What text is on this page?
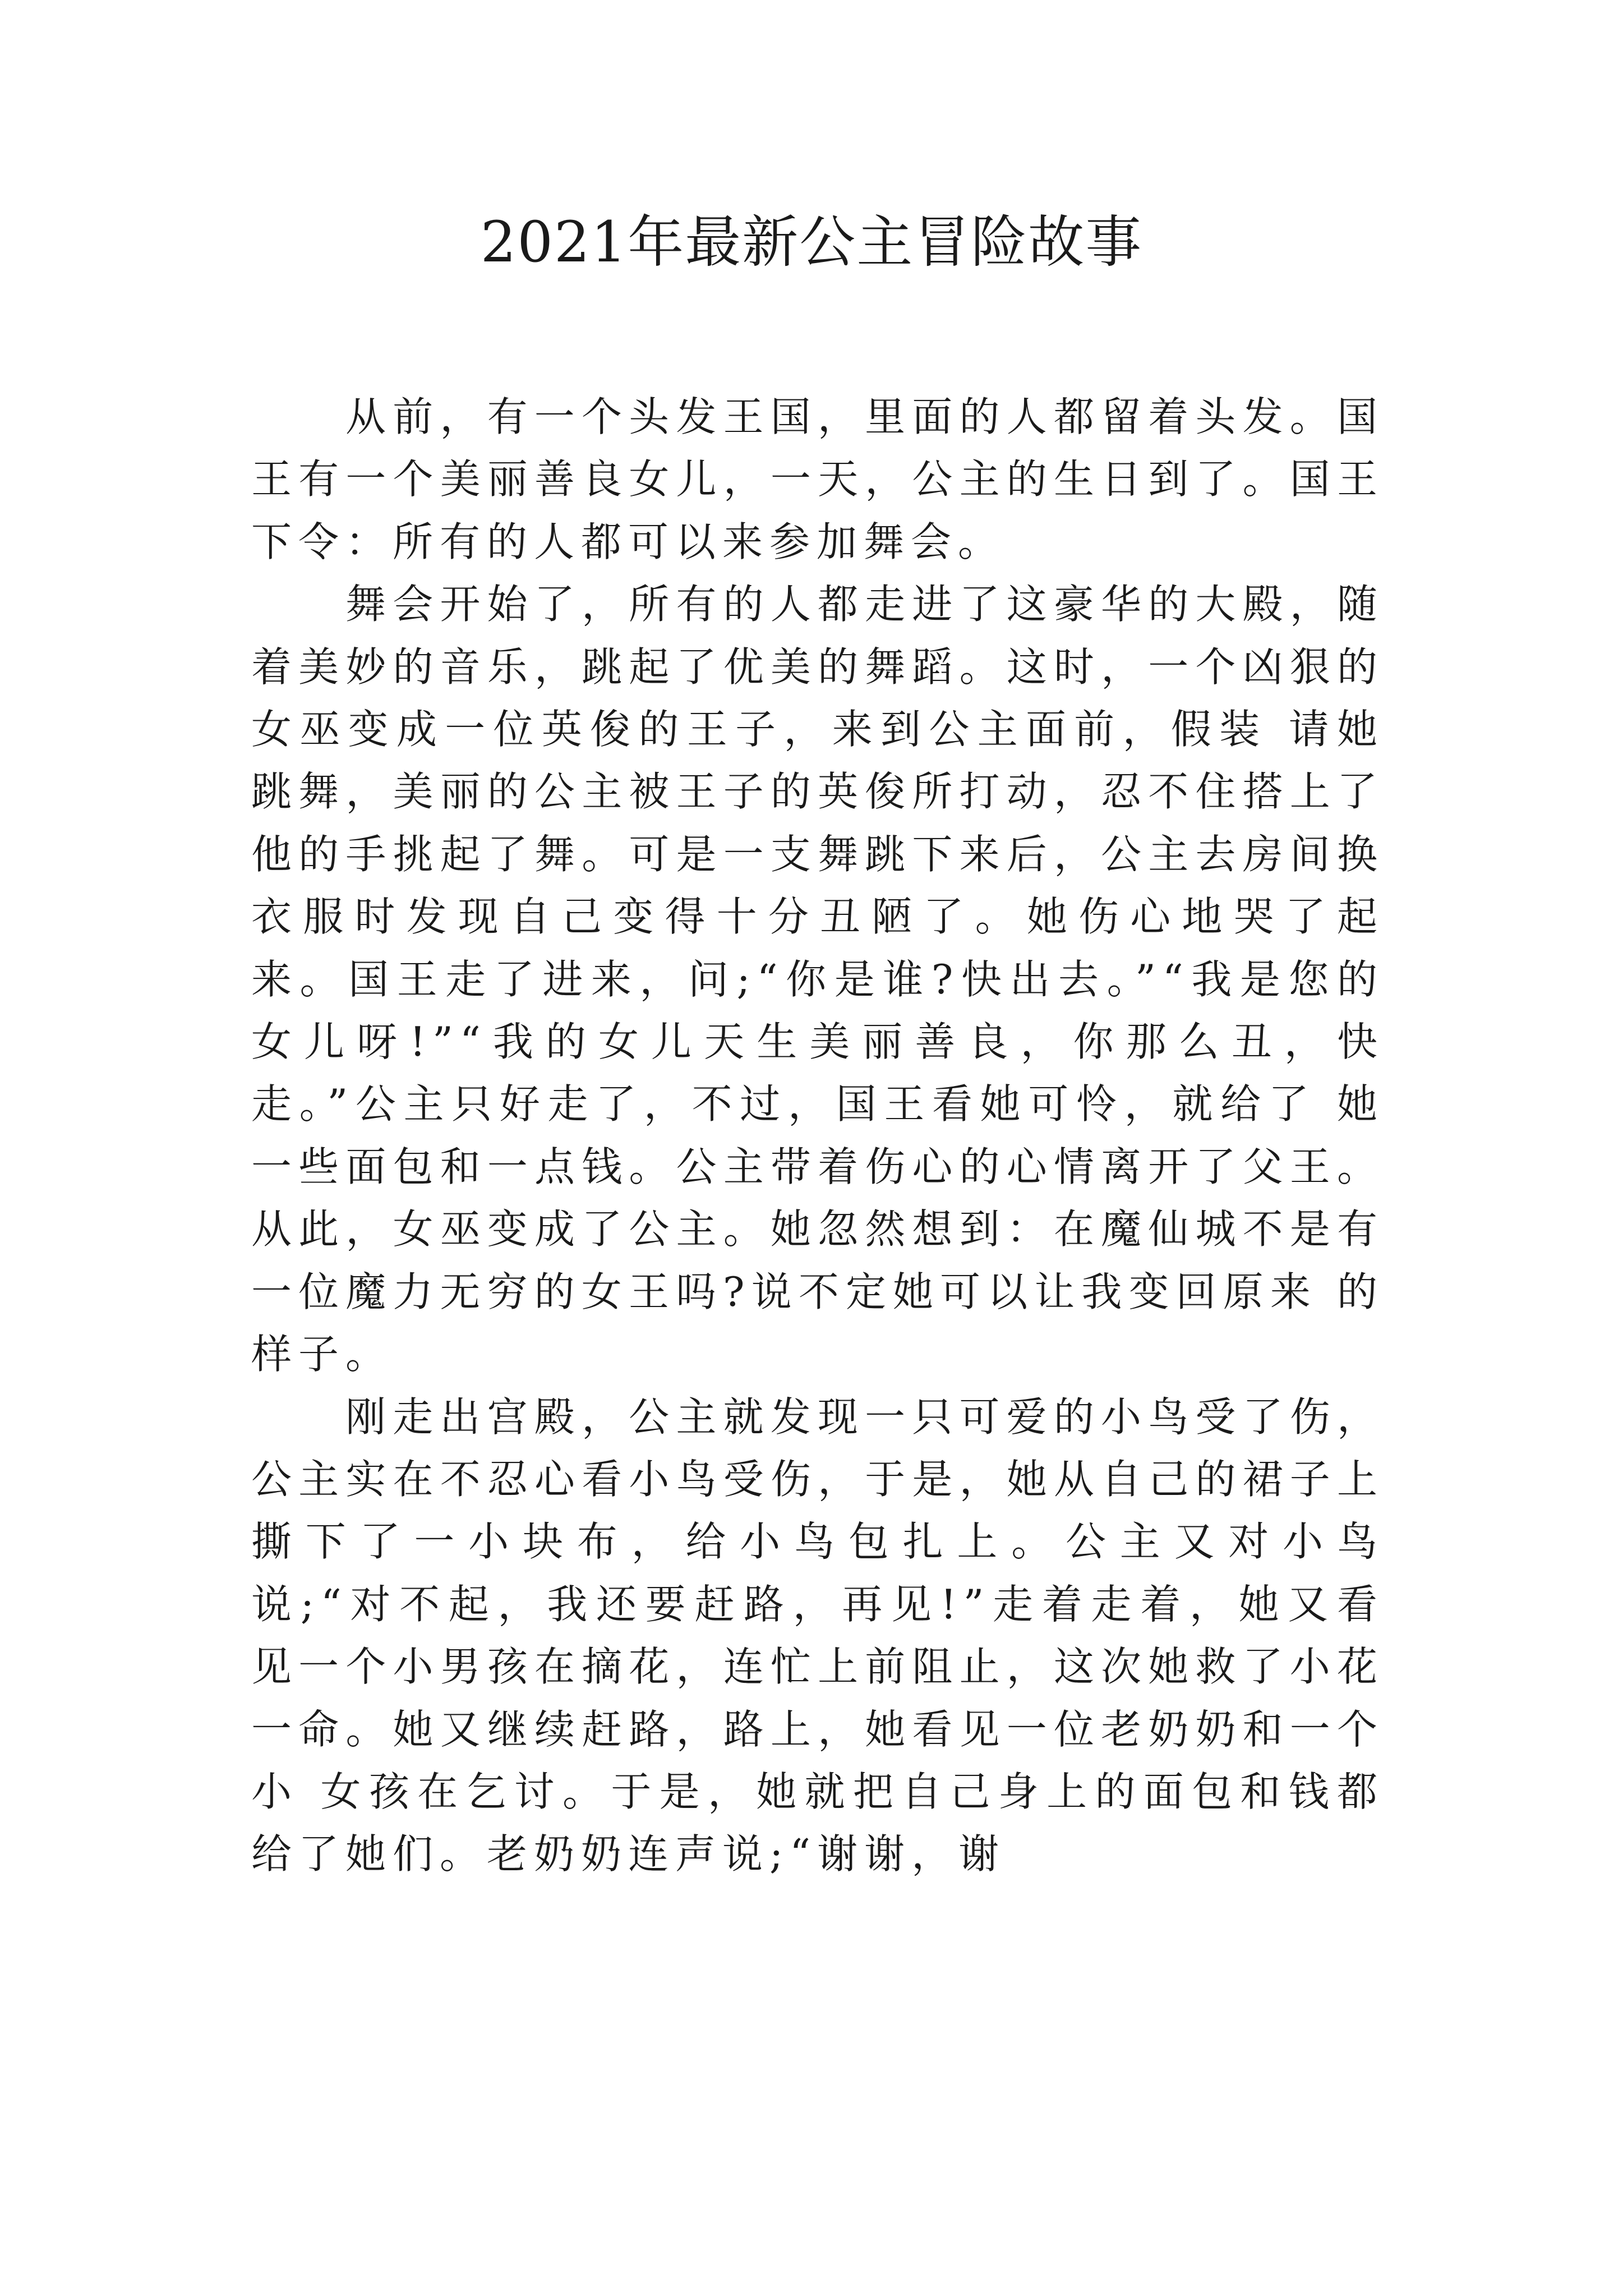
2021年最新公主冒险故事

从前，有一个头发王国，里面的人都留着头发。国王有一个美丽善良女儿，一天，公主的生日到了。国王下令：所有的人都可以来参加舞会。

舞会开始了，所有的人都走进了这豪华的大殿，随着美妙的音乐，跳起了优美的舞蹈。这时，一个凶狠的女巫变成一位英俊的王子，来到公主面前，假装 请她跳舞，美丽的公主被王子的英俊所打动，忍不住搭上了他的手挑起了舞。可是一支舞跳下来后，公主去房间换衣服时发现自己变得十分丑陋了。她伤心地哭了起 来。国王走了进来，问;“你是谁?快出去。”“我是您的女儿呀!”“我的女儿天生美丽善良，你那么丑，快走。”公主只好走了，不过，国王看她可怜，就给了 她一些面包和一点钱。公主带着伤心的心情离开了父王。从此，女巫变成了公主。她忽然想到：在魔仙城不是有一位魔力无穷的女王吗?说不定她可以让我变回原来 的样子。

刚走出宫殿，公主就发现一只可爱的小鸟受了伤，公主实在不忍心看小鸟受伤，于是，她从自己的裙子上撕下了一小块布，给小鸟包扎上。公主又对小鸟 说;“对不起，我还要赶路，再见!”走着走着，她又看见一个小男孩在摘花，连忙上前阻止，这次她救了小花一命。她又继续赶路，路上，她看见一位老奶奶和一个小 女孩在乞讨。于是，她就把自己身上的面包和钱都给了她们。老奶奶连声说;“谢谢，谢
